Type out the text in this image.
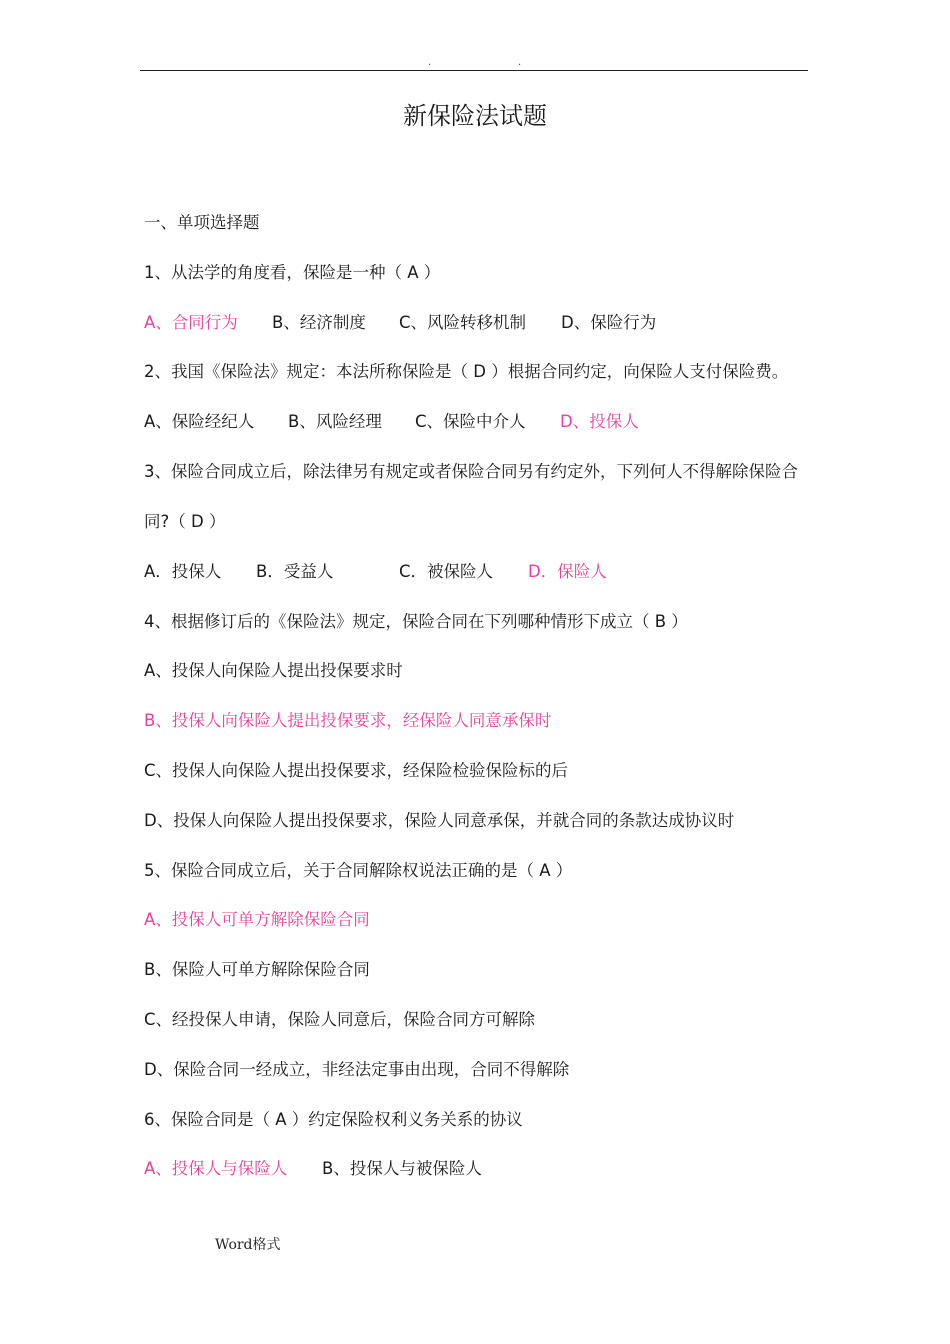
.	.
新保险法试题
一、单项选择题
1、从法学的角度看，保险是一种（ A ）
A、合同行为 B、经济制度 C、风险转移机制 D、保险行为
2、我国《保险法》规定：本法所称保险是（ D ）根据合同约定，向保险人支付保险费。
A、保险经纪人 B、风险经理 C、保险中介人 D、投保人
3、保险合同成立后，除法律另有规定或者保险合同另有约定外，下列何人不得解除保险合
同?（ D ）
A．投保人 B．受益人	C．被保险人 D．保险人
4、根据修订后的《保险法》规定，保险合同在下列哪种情形下成立（ B ）
A、投保人向保险人提出投保要求时
B、投保人向保险人提出投保要求，经保险人同意承保时
C、投保人向保险人提出投保要求，经保险检验保险标的后
D、投保人向保险人提出投保要求，保险人同意承保，并就合同的条款达成协议时
5、保险合同成立后，关于合同解除权说法正确的是（ A ）
A、投保人可单方解除保险合同
B、保险人可单方解除保险合同
C、经投保人申请，保险人同意后，保险合同方可解除
D、保险合同一经成立，非经法定事由出现，合同不得解除
6、保险合同是（ A ）约定保险权利义务关系的协议
A、投保人与保险人 B、投保人与被保险人
Word格式
